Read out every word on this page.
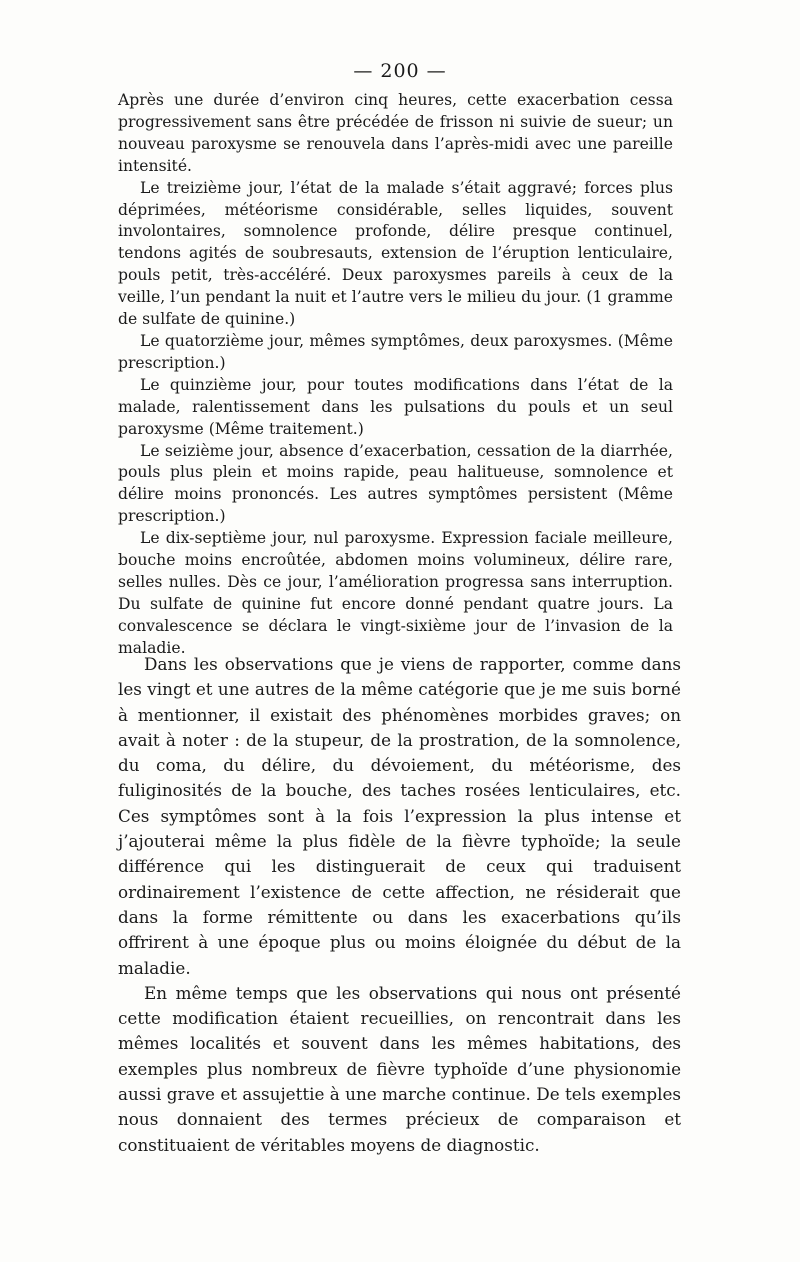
— 200 —

Après une durée d’environ cinq heures, cette exacerbation cessa progressivement sans être précédée de frisson ni suivie de sueur; un nouveau paroxysme se renouvela dans l’après-midi avec une pareille intensité.

Le treizième jour, l’état de la malade s’était aggravé; forces plus déprimées, météorisme considérable, selles liquides, souvent involontaires, somnolence profonde, délire presque continuel, tendons agités de soubresauts, extension de l’éruption lenticulaire, pouls petit, très-accéléré. Deux paroxysmes pareils à ceux de la veille, l’un pendant la nuit et l’autre vers le milieu du jour. (1 gramme de sulfate de quinine.)

Le quatorzième jour, mêmes symptômes, deux paroxysmes. (Même prescription.)

Le quinzième jour, pour toutes modifications dans l’état de la malade, ralentissement dans les pulsations du pouls et un seul paroxysme (Même traitement.)

Le seizième jour, absence d’exacerbation, cessation de la diarrhée, pouls plus plein et moins rapide, peau halitueuse, somnolence et délire moins prononcés. Les autres symptômes persistent (Même prescription.)

Le dix-septième jour, nul paroxysme. Expression faciale meilleure, bouche moins encroûtée, abdomen moins volumineux, délire rare, selles nulles. Dès ce jour, l’amélioration progressa sans interruption. Du sulfate de quinine fut encore donné pendant quatre jours. La convalescence se déclara le vingt-sixième jour de l’invasion de la maladie.

Dans les observations que je viens de rapporter, comme dans les vingt et une autres de la même catégorie que je me suis borné à mentionner, il existait des phénomènes morbides graves; on avait à noter : de la stupeur, de la prostration, de la somnolence, du coma, du délire, du dévoiement, du météorisme, des fuliginosités de la bouche, des taches rosées lenticulaires, etc. Ces symptômes sont à la fois l’expression la plus intense et j’ajouterai même la plus fidèle de la fièvre typhoïde; la seule différence qui les distinguerait de ceux qui traduisent ordinairement l’existence de cette affection, ne résiderait que dans la forme rémittente ou dans les exacerbations qu’ils offrirent à une époque plus ou moins éloignée du début de la maladie.

En même temps que les observations qui nous ont présenté cette modification étaient recueillies, on rencontrait dans les mêmes localités et souvent dans les mêmes habitations, des exemples plus nombreux de fièvre typhoïde d’une physionomie aussi grave et assujettie à une marche continue. De tels exemples nous donnaient des termes précieux de comparaison et constituaient de véritables moyens de diagnostic.
